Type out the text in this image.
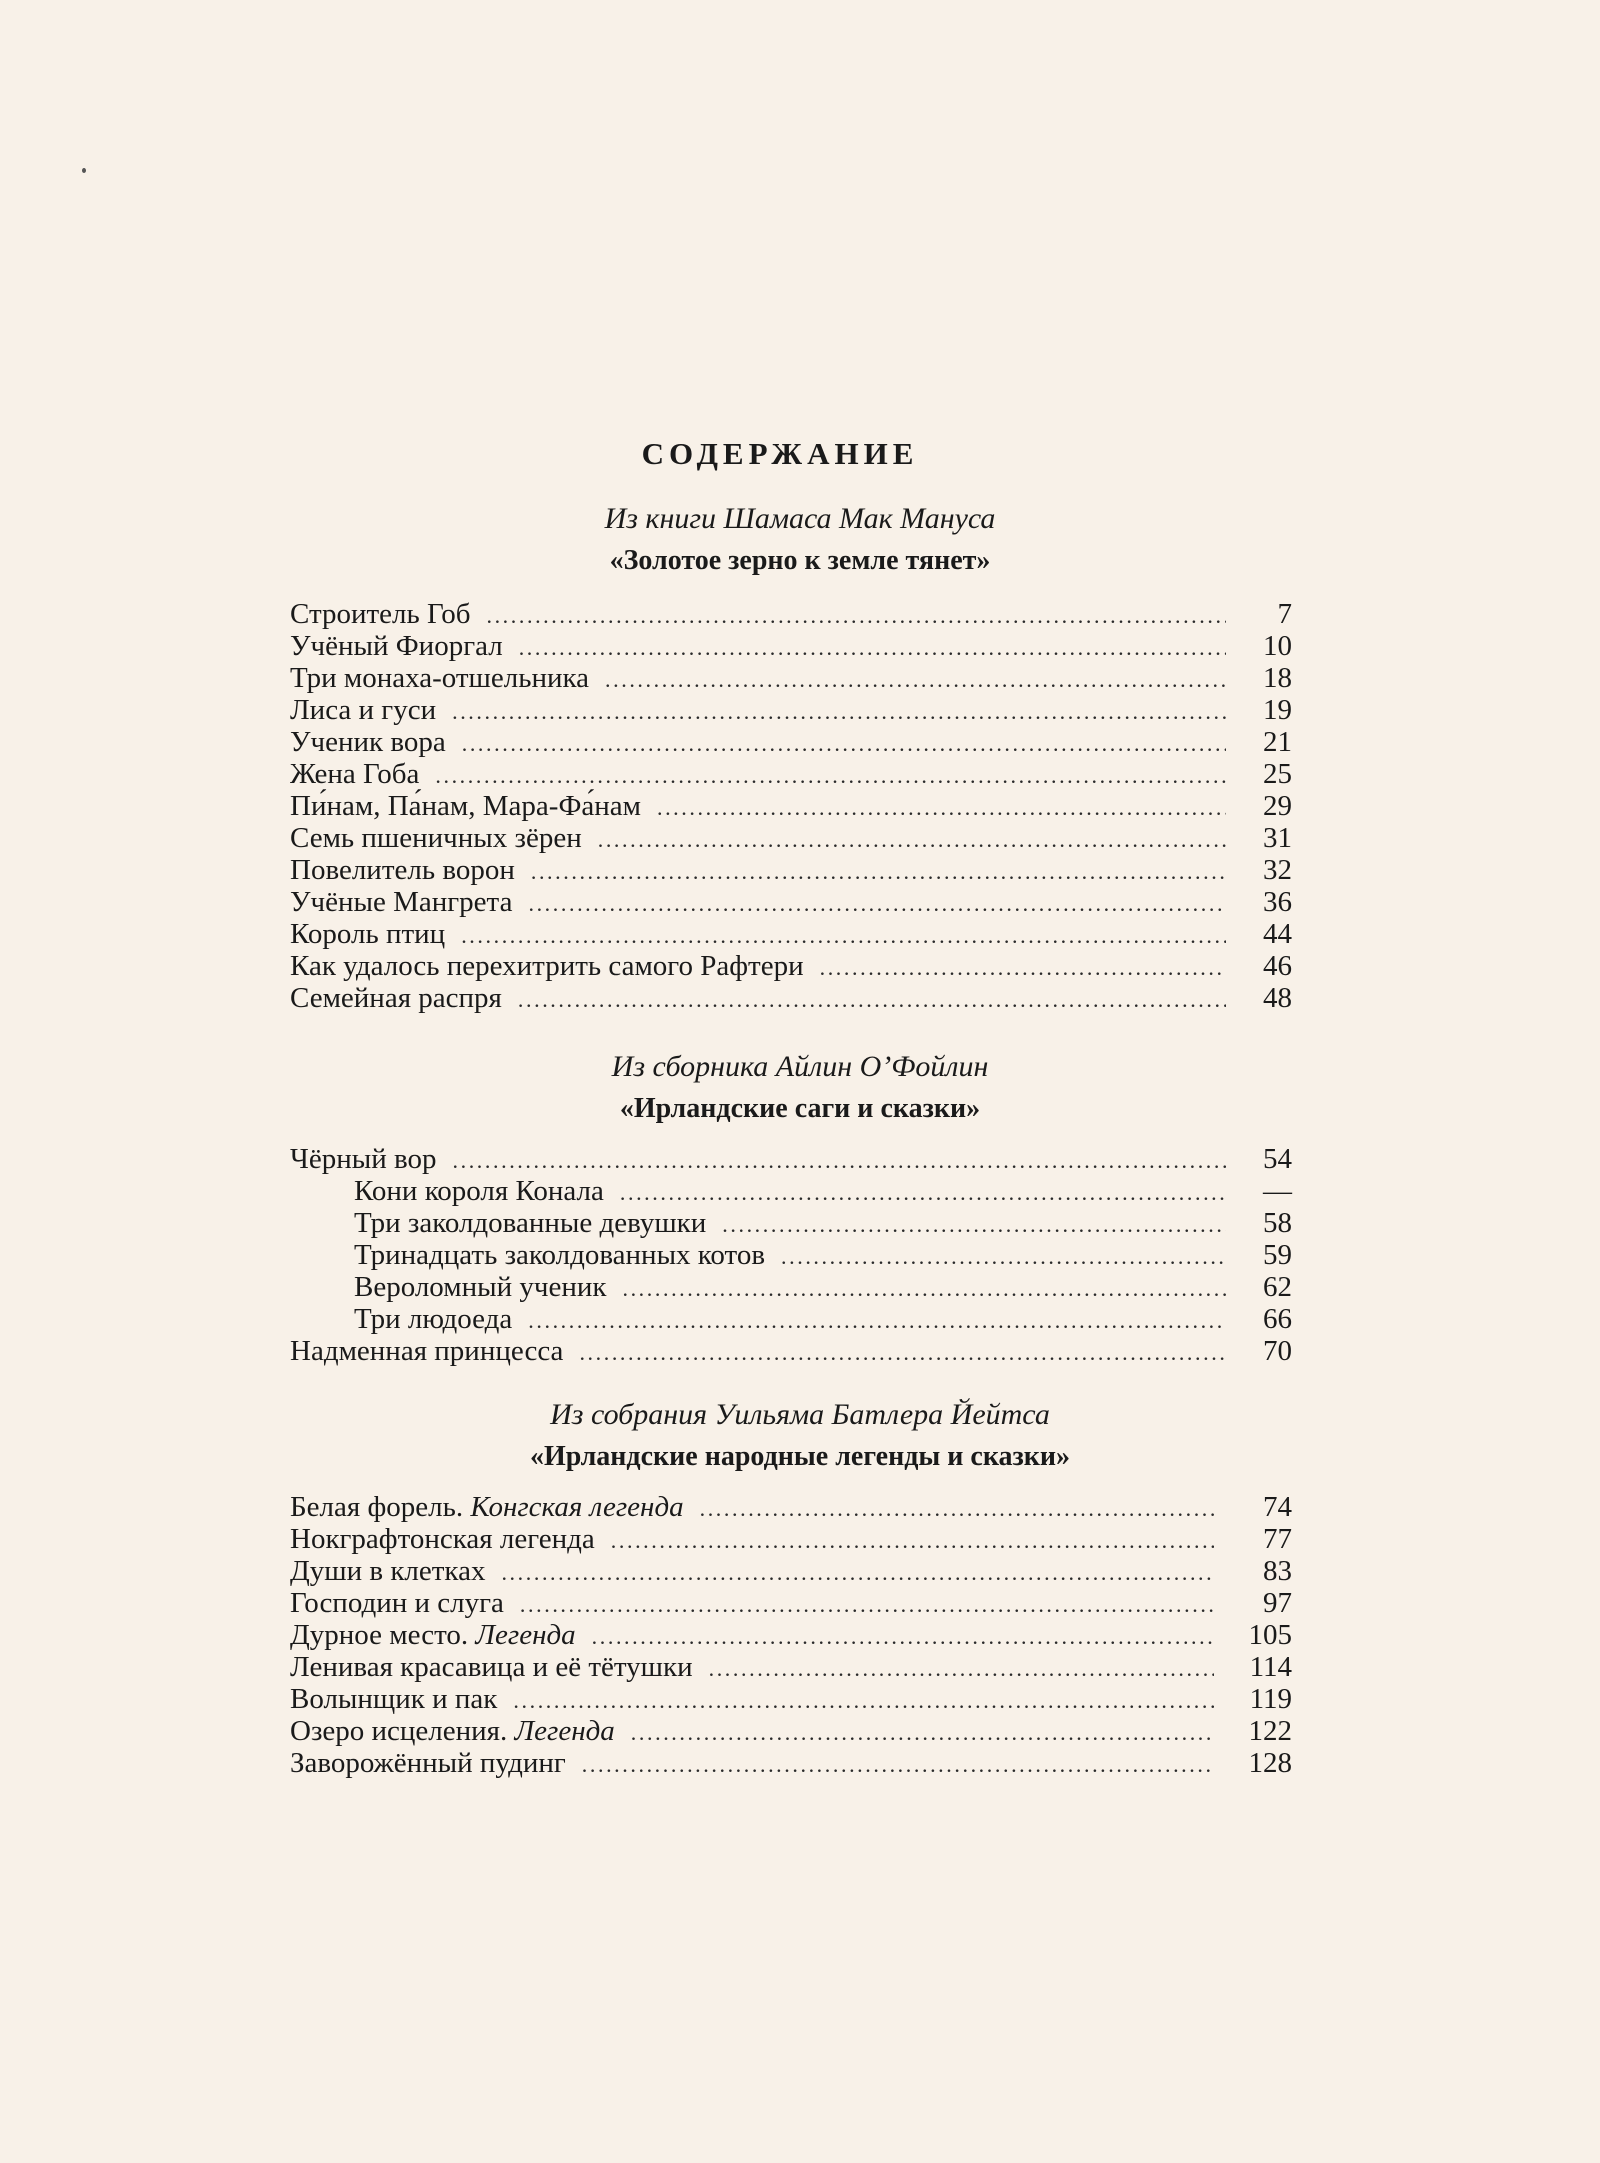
СОДЕРЖАНИЕ
Из книги Шамаса Мак Мануса
«Золотое зерно к земле тянет»
Строитель Гоб .....	7
Учёный Фиоргал .....	10
Три монаха-отшельника .....	18
Лиса и гуси .....	19
Ученик вора .....	21
Жена Гоба .....	25
Пи́нам, Па́нам, Мара-Фа́нам .....	29
Семь пшеничных зёрен .....	31
Повелитель ворон .....	32
Учёные Мангрета .....	36
Король птиц .....	44
Как удалось перехитрить самого Рафтери .....	46
Семейная распря .....	48
Из сборника Айлин О’Фойлин
«Ирландские саги и сказки»
Чёрный вор .....	54
Кони короля Конала .....	—
Три заколдованные девушки .....	58
Тринадцать заколдованных котов .....	59
Вероломный ученик .....	62
Три людоеда .....	66
Надменная принцесса .....	70
Из собрания Уильяма Батлера Йейтса
«Ирландские народные легенды и сказки»
Белая форель. Конгская легенда .....	74
Нокграфтонская легенда .....	77
Души в клетках .....	83
Господин и слуга .....	97
Дурное место. Легенда .....	105
Ленивая красавица и её тётушки .....	114
Волынщик и пак .....	119
Озеро исцеления. Легенда .....	122
Заворожённый пудинг .....	128
